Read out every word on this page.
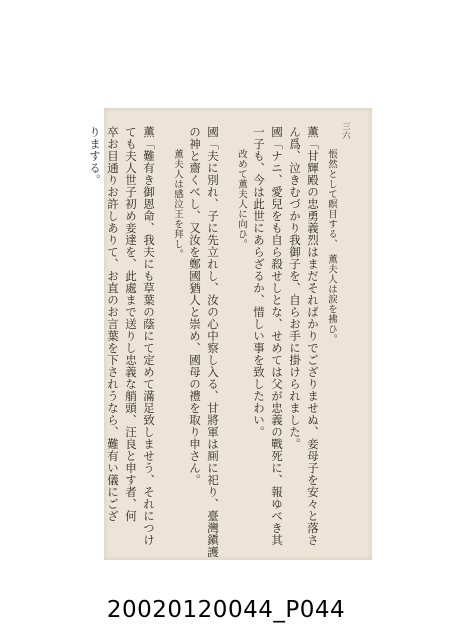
三六
悵然として瞑目する、　薫夫人は涙を拂ひ。
薫「甘輝殿の忠勇義烈はまだそればかりでござりませぬ、妾母子を安々と落さ
ん爲、泣きむづかり我御子を、自らお手に掛けられました。
國「ナニ、愛兒をも自ら殺せしとな、せめては父が忠義の戰死に、報ゆべき其
一子も、今は此世にあらざるか、惜しい事を致したわい。
改めて薫夫人に向ひ。
國「夫に別れ、子に先立れし、汝の心中察し入る、甘將軍は厠に祀り、臺灣鎭護
の神と齋くべし、又汝を鄭國猶人と崇め、國母の禮を取り申さん。
薫夫人は感泣王を拜し。
薫「難有き御恩命、我夫にも草葉の蔭にて定めて滿足致しませう、それにつけ
ても夫人世子初め妾達を、此處まで送りし忠義な艄頭、汪良と申す者、何
卒お目通りお許しありて、お直のお言葉を下されうなら、難有い儀にござ
りまする。
20020120044_P044
